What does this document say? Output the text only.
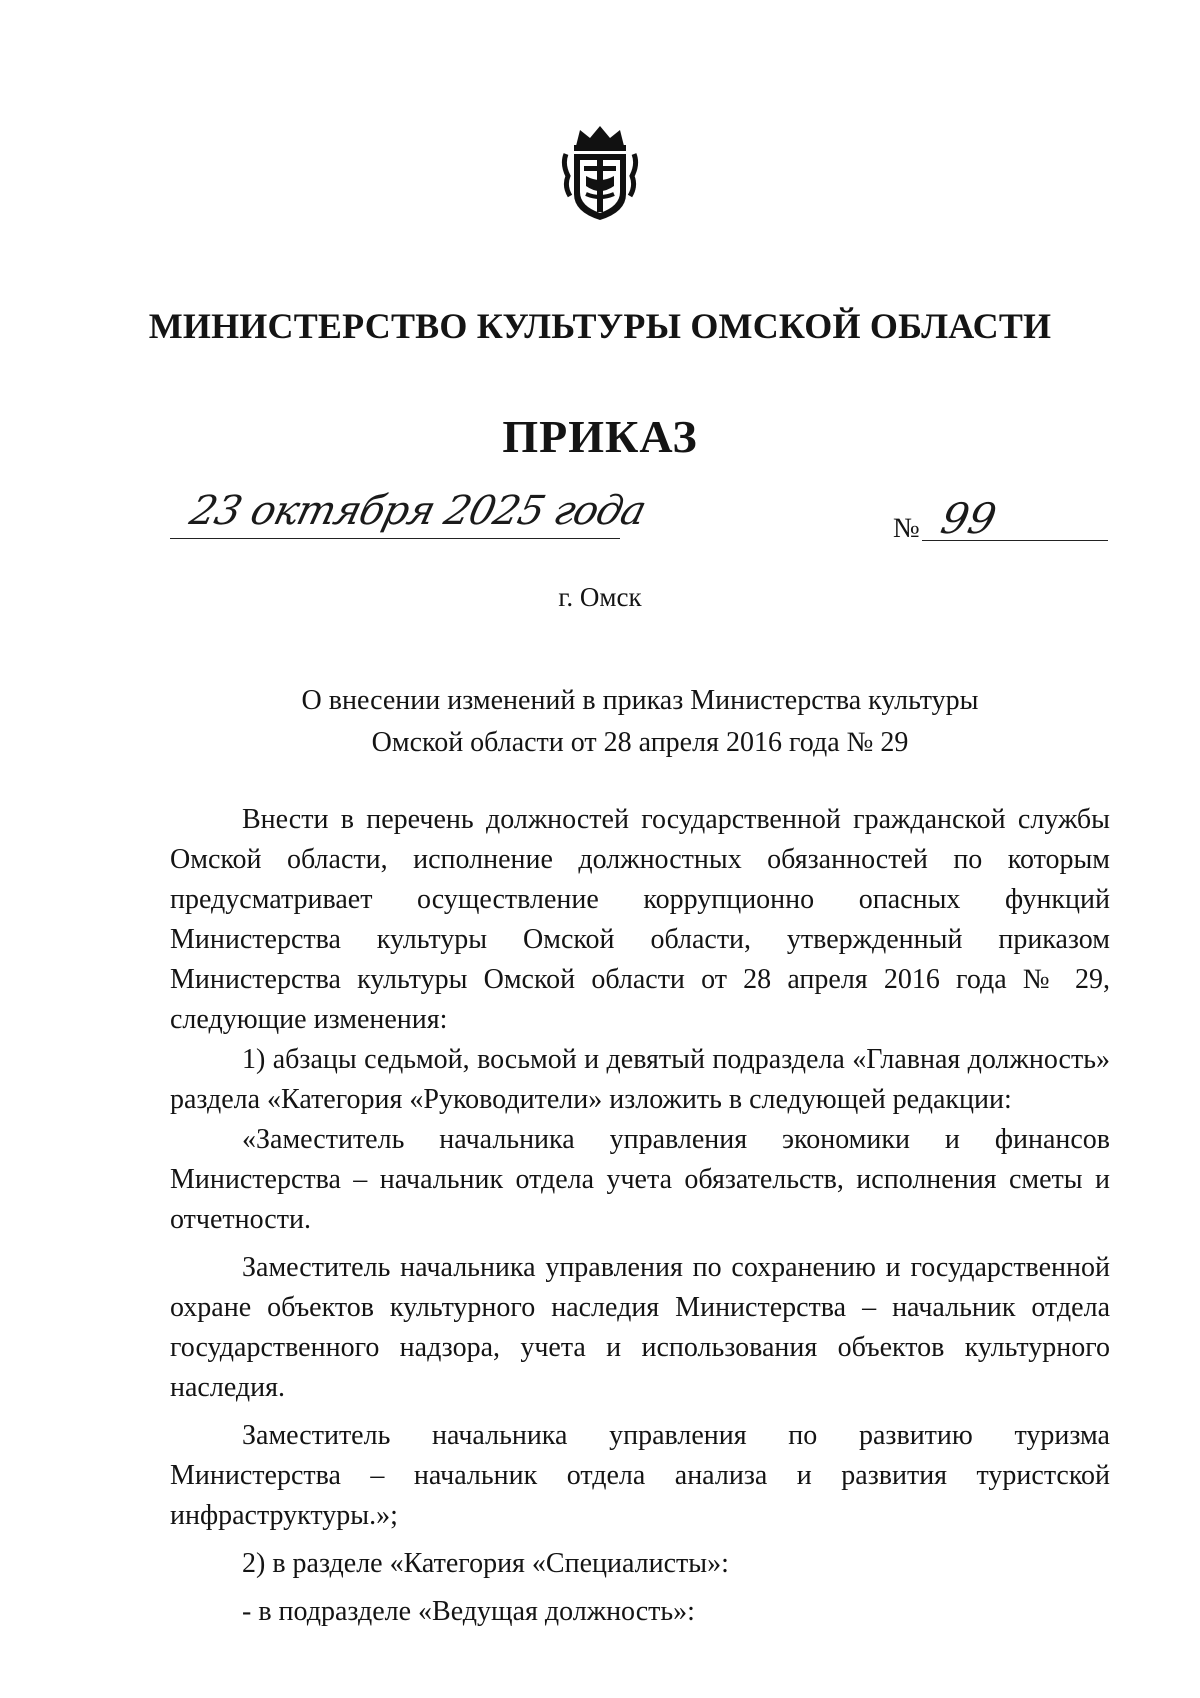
МИНИСТЕРСТВО КУЛЬТУРЫ ОМСКОЙ ОБЛАСТИ
ПРИКАЗ
23 октября 2025 года	№ 99
г. Омск
О внесении изменений в приказ Министерства культуры
Омской области от 28 апреля 2016 года № 29

Внести в перечень должностей государственной гражданской службы Омской области, исполнение должностных обязанностей по которым предусматривает осуществление коррупционно опасных функций Министерства культуры Омской области, утвержденный приказом Министерства культуры Омской области от 28 апреля 2016 года № 29, следующие изменения:

1) абзацы седьмой, восьмой и девятый подраздела «Главная должность» раздела «Категория «Руководители» изложить в следующей редакции:

«Заместитель начальника управления экономики и финансов Министерства – начальник отдела учета обязательств, исполнения сметы и отчетности.

Заместитель начальника управления по сохранению и государственной охране объектов культурного наследия Министерства – начальник отдела государственного надзора, учета и использования объектов культурного наследия.

Заместитель начальника управления по развитию туризма Министерства – начальник отдела анализа и развития туристской инфраструктуры.»;

2) в разделе «Категория «Специалисты»:

- в подразделе «Ведущая должность»:
